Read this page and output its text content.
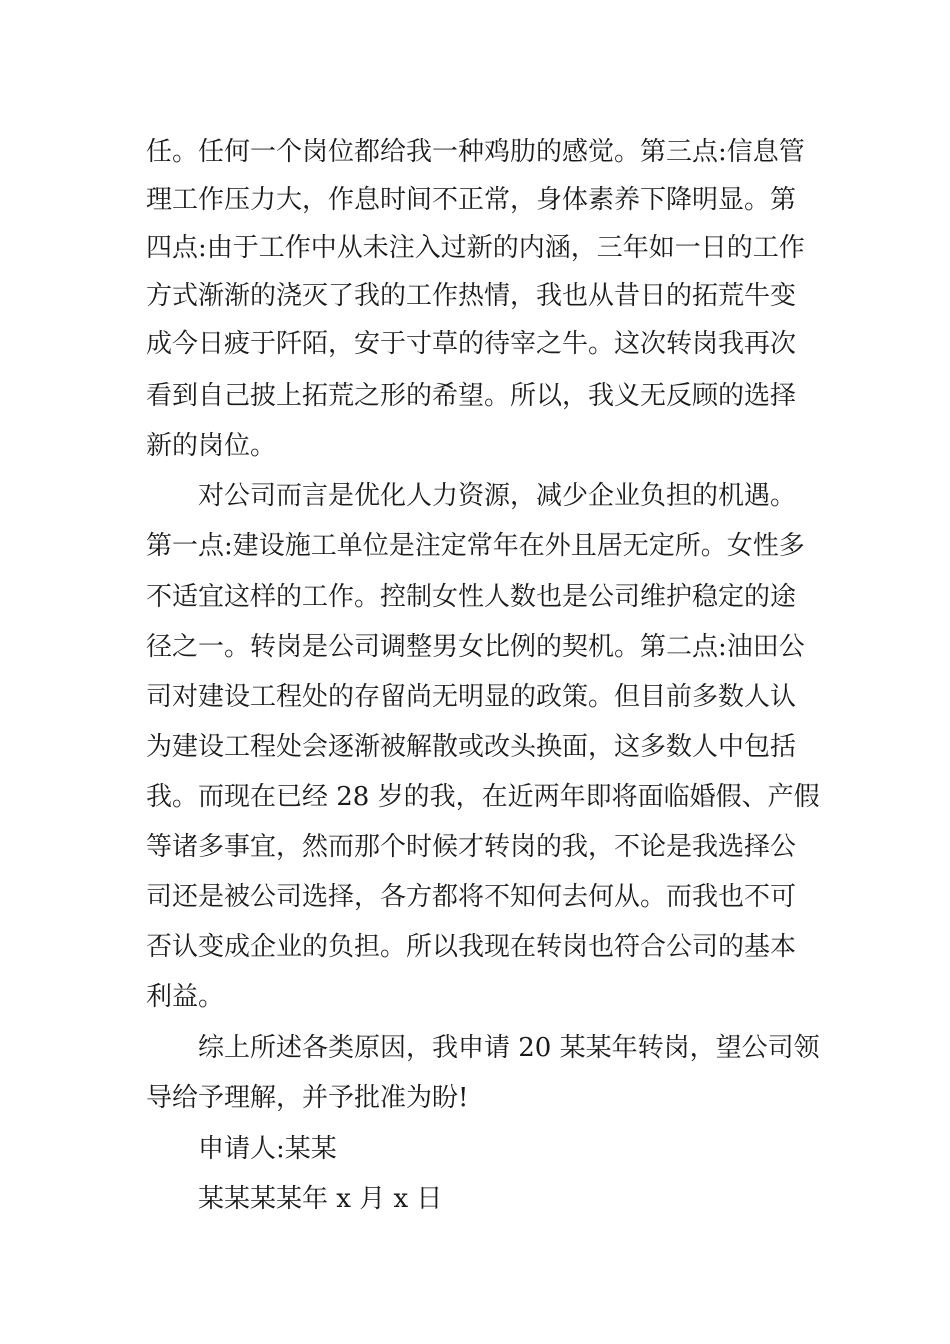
任。任何一个岗位都给我一种鸡肋的感觉。第三点:信息管
理工作压力大，作息时间不正常，身体素养下降明显。第
四点:由于工作中从未注入过新的内涵，三年如一日的工作
方式渐渐的浇灭了我的工作热情，我也从昔日的拓荒牛变
成今日疲于阡陌，安于寸草的待宰之牛。这次转岗我再次
看到自己披上拓荒之形的希望。所以，我义无反顾的选择
新的岗位。
对公司而言是优化人力资源，减少企业负担的机遇。
第一点:建设施工单位是注定常年在外且居无定所。女性多
不适宜这样的工作。控制女性人数也是公司维护稳定的途
径之一。转岗是公司调整男女比例的契机。第二点:油田公
司对建设工程处的存留尚无明显的政策。但目前多数人认
为建设工程处会逐渐被解散或改头换面，这多数人中包括
我。而现在已经 28 岁的我，在近两年即将面临婚假、产假
等诸多事宜，然而那个时候才转岗的我，不论是我选择公
司还是被公司选择，各方都将不知何去何从。而我也不可
否认变成企业的负担。所以我现在转岗也符合公司的基本
利益。
综上所述各类原因，我申请 20 某某年转岗，望公司领
导给予理解，并予批准为盼!
申请人:某某
某某某某年 x 月 x 日
